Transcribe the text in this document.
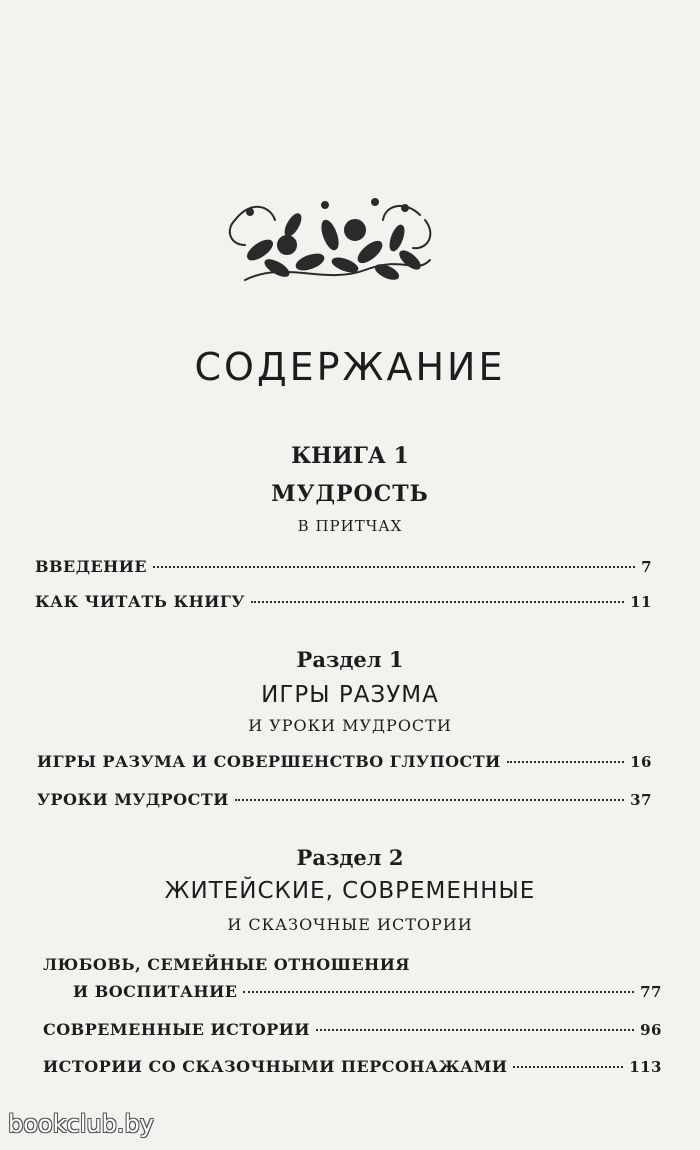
СОДЕРЖАНИЕ
КНИГА 1
МУДРОСТЬ
В ПРИТЧАХ
ВВЕДЕНИЕ	7
КАК ЧИТАТЬ КНИГУ	11
Раздел 1
ИГРЫ РАЗУМА
И УРОКИ МУДРОСТИ
ИГРЫ РАЗУМА И СОВЕРШЕНСТВО ГЛУПОСТИ	16
УРОКИ МУДРОСТИ	37
Раздел 2
ЖИТЕЙСКИЕ, СОВРЕМЕННЫЕ
И СКАЗОЧНЫЕ ИСТОРИИ
ЛЮБОВЬ, СЕМЕЙНЫЕ ОТНОШЕНИЯ
И ВОСПИТАНИЕ	77
СОВРЕМЕННЫЕ ИСТОРИИ	96
ИСТОРИИ СО СКАЗОЧНЫМИ ПЕРСОНАЖАМИ	113
bookclub.by
